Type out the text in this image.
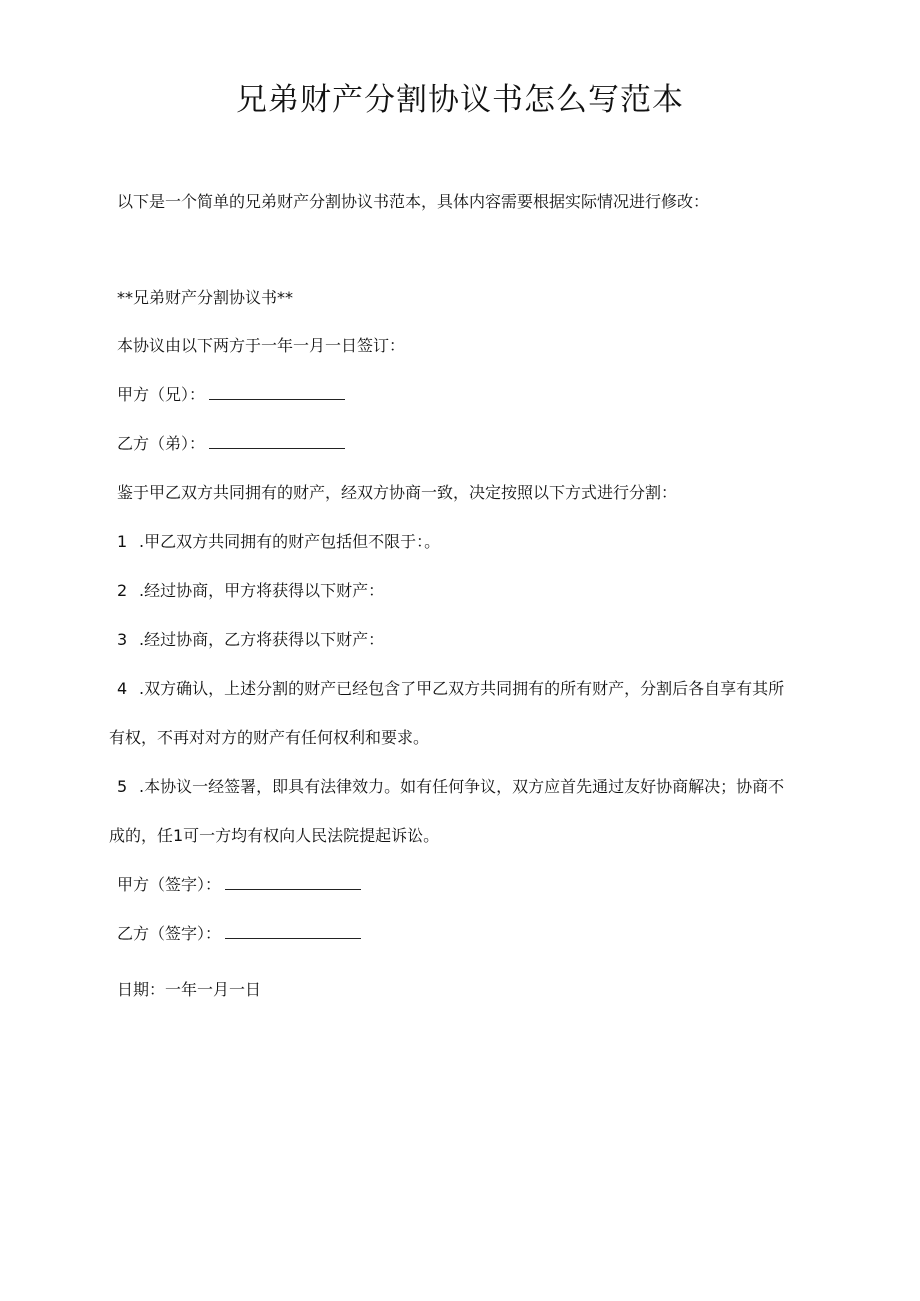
兄弟财产分割协议书怎么写范本
以下是一个简单的兄弟财产分割协议书范本，具体内容需要根据实际情况进行修改：
**兄弟财产分割协议书**
本协议由以下两方于一年一月一日签订：
甲方（兄）：
乙方（弟）：
鉴于甲乙双方共同拥有的财产，经双方协商一致，决定按照以下方式进行分割：
1 .甲乙双方共同拥有的财产包括但不限于：。
2 .经过协商，甲方将获得以下财产：
3 .经过协商，乙方将获得以下财产：
4 .双方确认，上述分割的财产已经包含了甲乙双方共同拥有的所有财产，分割后各自享有其所
有权，不再对对方的财产有任何权利和要求。
5 .本协议一经签署，即具有法律效力。如有任何争议，双方应首先通过友好协商解决；协商不
成的，任1可一方均有权向人民法院提起诉讼。
甲方（签字）：
乙方（签字）：
日期：一年一月一日
